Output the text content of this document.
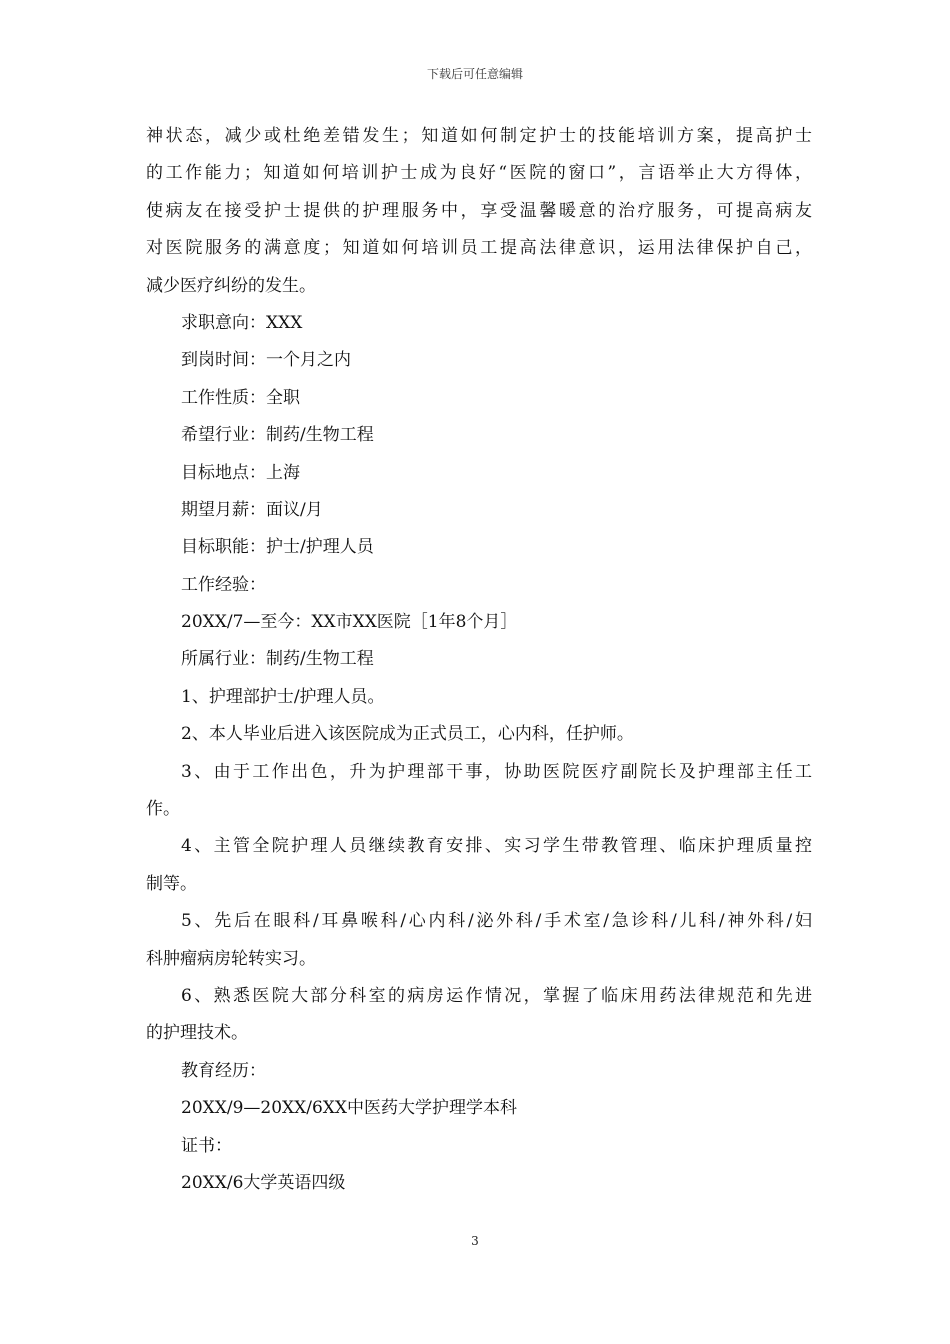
下载后可任意编辑
神状态，减少或杜绝差错发生；知道如何制定护士的技能培训方案，提高护士
的工作能力；知道如何培训护士成为良好“医院的窗口”，言语举止大方得体，
使病友在接受护士提供的护理服务中，享受温馨暖意的治疗服务，可提高病友
对医院服务的满意度；知道如何培训员工提高法律意识，运用法律保护自己，
减少医疗纠纷的发生。
求职意向：XXX
到岗时间：一个月之内
工作性质：全职
希望行业：制药/生物工程
目标地点：上海
期望月薪：面议/月
目标职能：护士/护理人员
工作经验：
20XX/7—至今：XX市XX医院［1年8个月］
所属行业：制药/生物工程
1、护理部护士/护理人员。
2、本人毕业后进入该医院成为正式员工，心内科，任护师。
3、由于工作出色，升为护理部干事，协助医院医疗副院长及护理部主任工
作。
4、主管全院护理人员继续教育安排、实习学生带教管理、临床护理质量控
制等。
5、先后在眼科/耳鼻喉科/心内科/泌外科/手术室/急诊科/儿科/神外科/妇
科肿瘤病房轮转实习。
6、熟悉医院大部分科室的病房运作情况，掌握了临床用药法律规范和先进
的护理技术。
教育经历：
20XX/9—20XX/6XX中医药大学护理学本科
证书：
20XX/6大学英语四级
3
